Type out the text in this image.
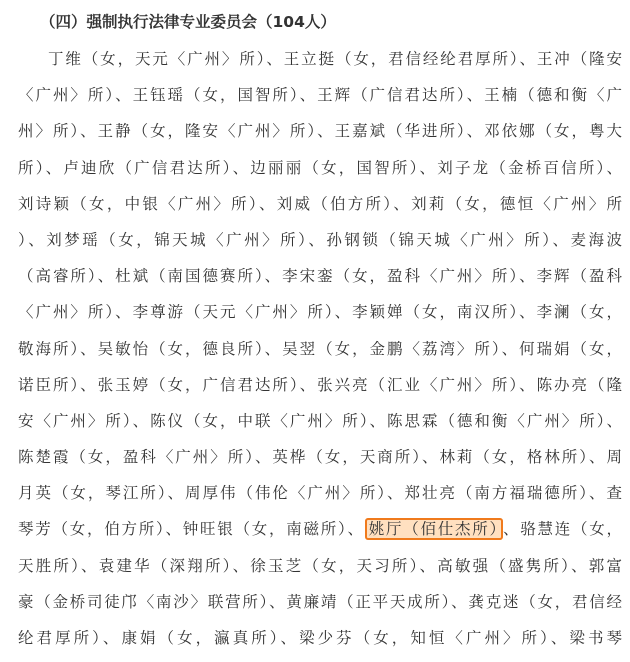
（四）强制执行法律专业委员会（104人）
丁维（女，天元〈广州〉所）、王立挺（女，君信经纶君厚所）、王冲（隆安
〈广州〉所）、王钰瑶（女，国智所）、王辉（广信君达所）、王楠（德和衡〈广
州〉所）、王静（女，隆安〈广州〉所）、王嘉斌（华进所）、邓依娜（女，粤大
所）、卢迪欣（广信君达所）、边丽丽（女，国智所）、刘子龙（金桥百信所）、
刘诗颖（女，中银〈广州〉所）、刘威（伯方所）、刘莉（女，德恒〈广州〉所
）、刘梦瑶（女，锦天城〈广州〉所）、孙钢锁（锦天城〈广州〉所）、麦海波
（高睿所）、杜斌（南国德赛所）、李宋銮（女，盈科〈广州〉所）、李辉（盈科
〈广州〉所）、李尊游（天元〈广州〉所）、李颖婵（女，南汉所）、李澜（女，
敬海所）、吴敏怡（女，德良所）、吴翌（女，金鹏〈荔湾〉所）、何瑞娟（女，
诺臣所）、张玉婷（女，广信君达所）、张兴亮（汇业〈广州〉所）、陈办亮（隆
安〈广州〉所）、陈仪（女，中联〈广州〉所）、陈思霖（德和衡〈广州〉所）、
陈楚霞（女，盈科〈广州〉所）、英桦（女，天商所）、林莉（女，格林所）、周
月英（女，琴江所）、周厚伟（伟伦〈广州〉所）、郑壮亮（南方福瑞德所）、查
琴芳（女，伯方所）、钟旺银（女，南磁所）、 姚厅（佰仕杰所） 、骆慧连（女，
天胜所）、袁建华（深翔所）、徐玉芝（女，天习所）、高敏强（盛隽所）、郭富
豪（金桥司徒邝〈南沙〉联营所）、黄廉靖（正平天成所）、龚克迷（女，君信经
纶君厚所）、康娟（女，瀛真所）、梁少芬（女，知恒〈广州〉所）、梁书琴
